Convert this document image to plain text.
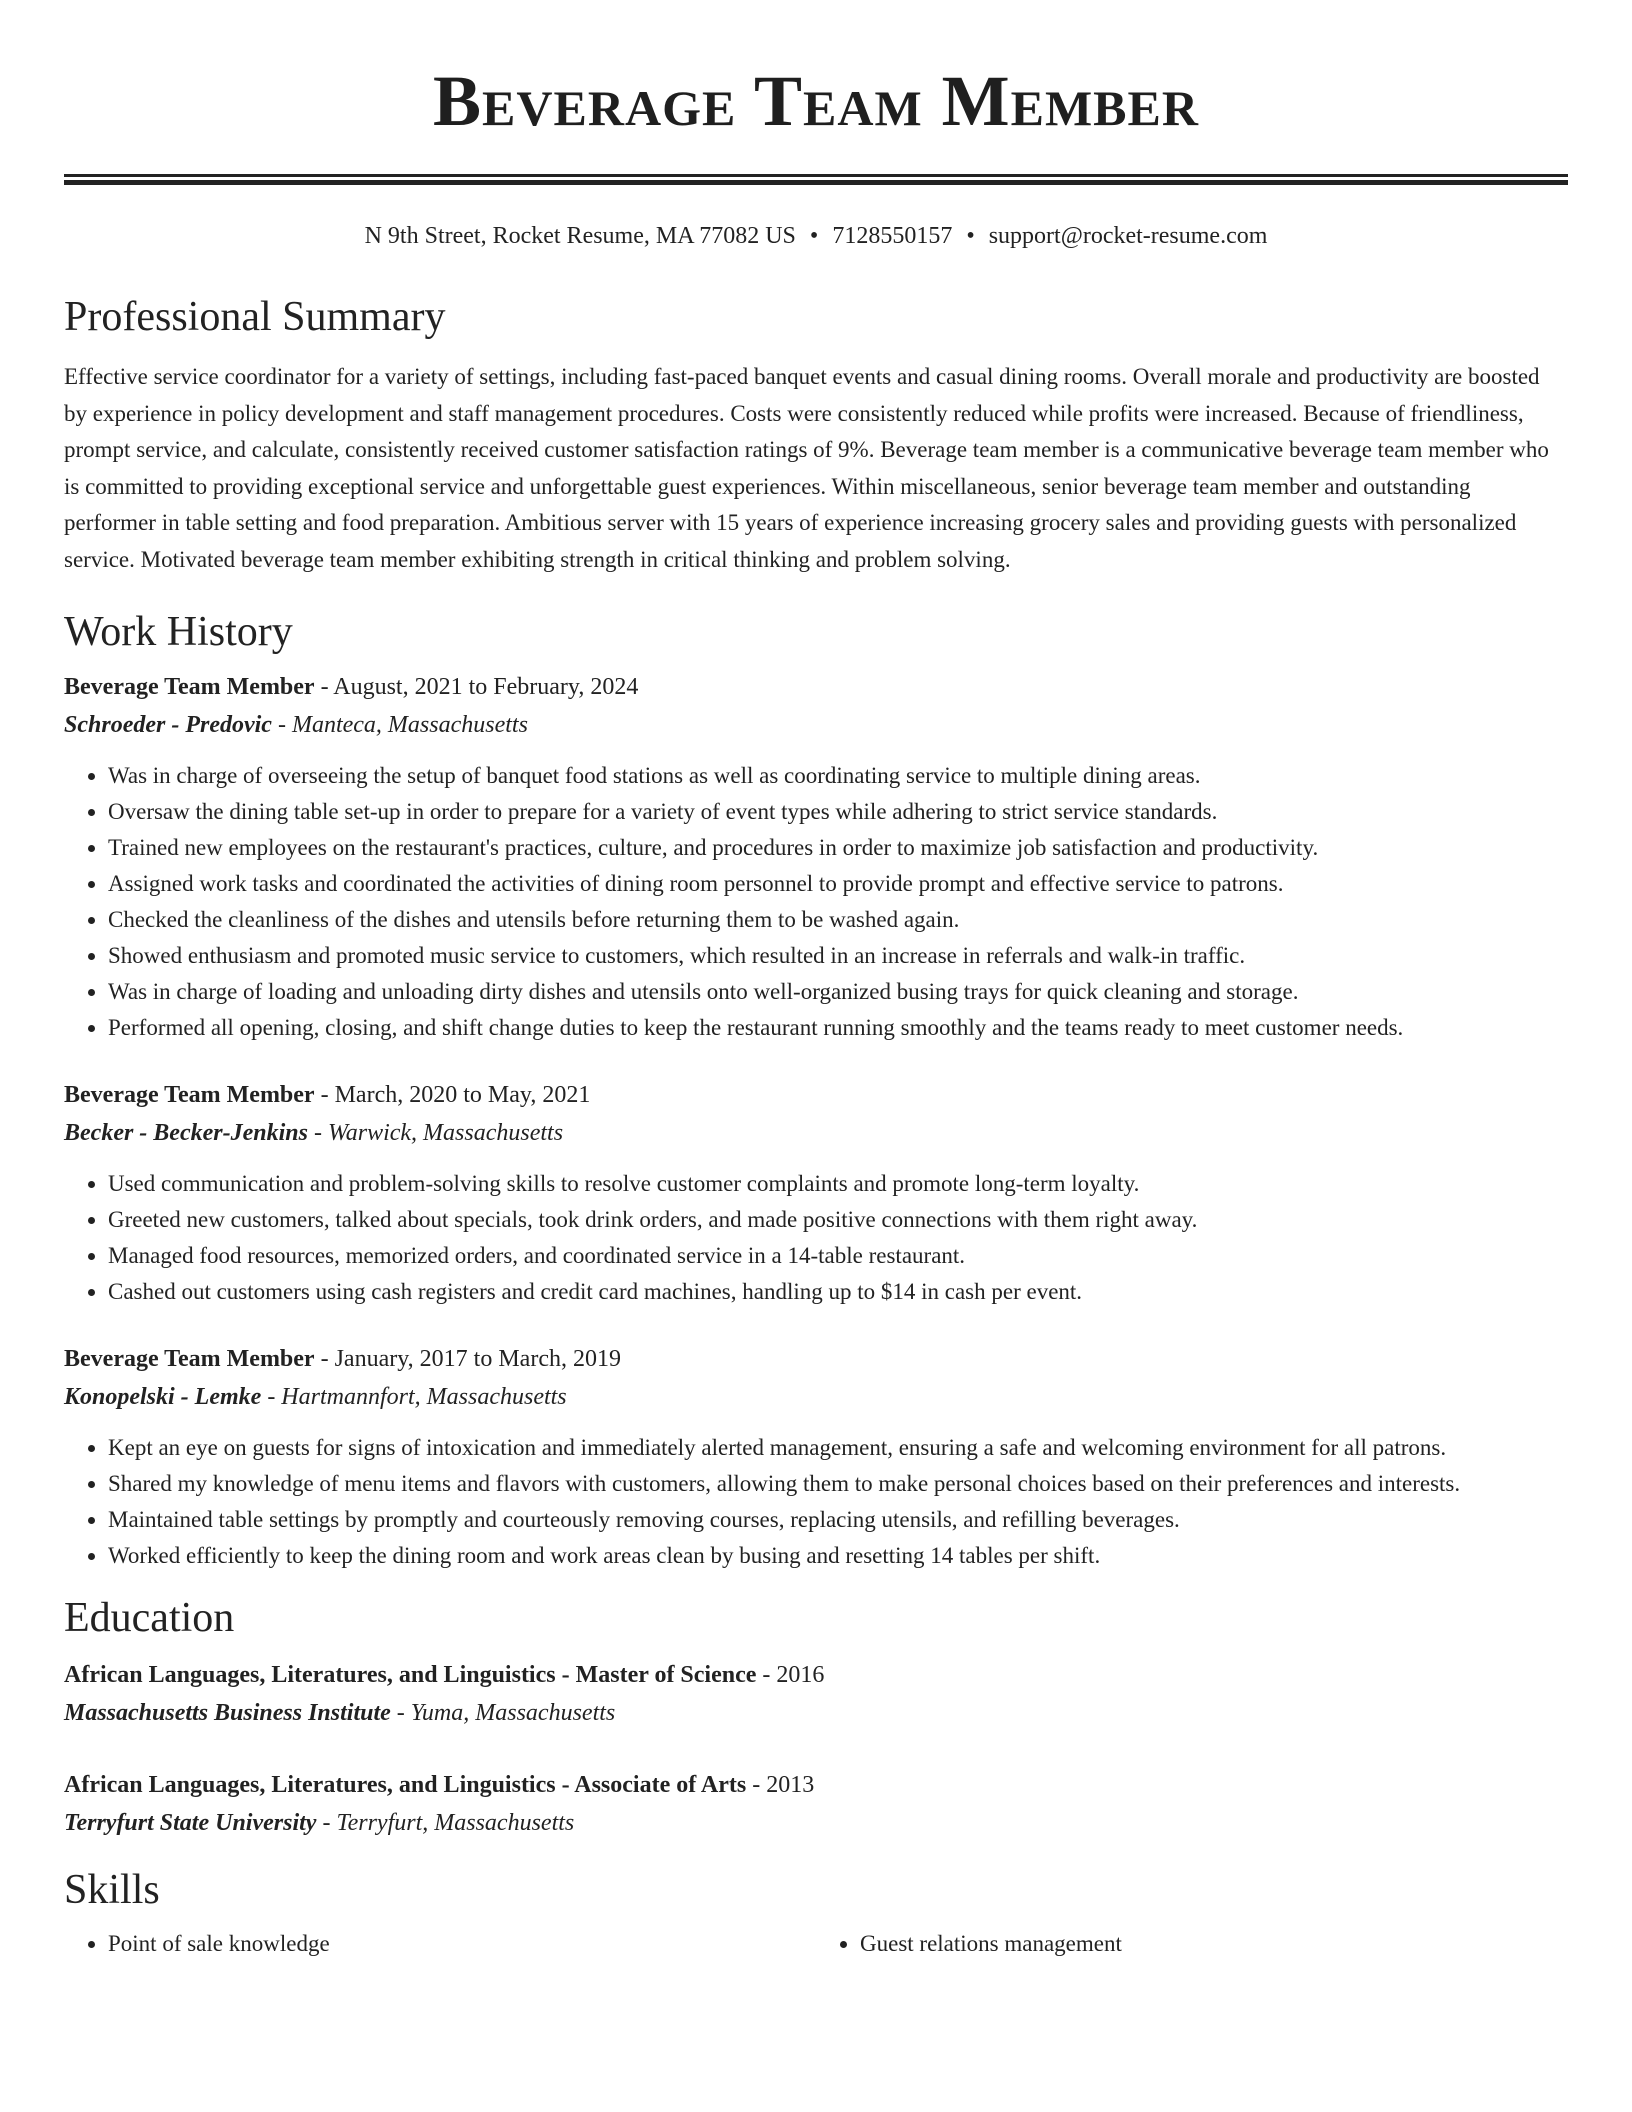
Beverage Team Member
N 9th Street, Rocket Resume, MA 77082 US • 7128550157 • support@rocket-resume.com
Professional Summary
Effective service coordinator for a variety of settings, including fast-paced banquet events and casual dining rooms. Overall morale and productivity are boosted by experience in policy development and staff management procedures. Costs were consistently reduced while profits were increased. Because of friendliness, prompt service, and calculate, consistently received customer satisfaction ratings of 9%. Beverage team member is a communicative beverage team member who is committed to providing exceptional service and unforgettable guest experiences. Within miscellaneous, senior beverage team member and outstanding performer in table setting and food preparation. Ambitious server with 15 years of experience increasing grocery sales and providing guests with personalized service. Motivated beverage team member exhibiting strength in critical thinking and problem solving.
Work History
Beverage Team Member - August, 2021 to February, 2024
Schroeder - Predovic - Manteca, Massachusetts
• Was in charge of overseeing the setup of banquet food stations as well as coordinating service to multiple dining areas.
• Oversaw the dining table set-up in order to prepare for a variety of event types while adhering to strict service standards.
• Trained new employees on the restaurant's practices, culture, and procedures in order to maximize job satisfaction and productivity.
• Assigned work tasks and coordinated the activities of dining room personnel to provide prompt and effective service to patrons.
• Checked the cleanliness of the dishes and utensils before returning them to be washed again.
• Showed enthusiasm and promoted music service to customers, which resulted in an increase in referrals and walk-in traffic.
• Was in charge of loading and unloading dirty dishes and utensils onto well-organized busing trays for quick cleaning and storage.
• Performed all opening, closing, and shift change duties to keep the restaurant running smoothly and the teams ready to meet customer needs.
Beverage Team Member - March, 2020 to May, 2021
Becker - Becker-Jenkins - Warwick, Massachusetts
• Used communication and problem-solving skills to resolve customer complaints and promote long-term loyalty.
• Greeted new customers, talked about specials, took drink orders, and made positive connections with them right away.
• Managed food resources, memorized orders, and coordinated service in a 14-table restaurant.
• Cashed out customers using cash registers and credit card machines, handling up to $14 in cash per event.
Beverage Team Member - January, 2017 to March, 2019
Konopelski - Lemke - Hartmannfort, Massachusetts
• Kept an eye on guests for signs of intoxication and immediately alerted management, ensuring a safe and welcoming environment for all patrons.
• Shared my knowledge of menu items and flavors with customers, allowing them to make personal choices based on their preferences and interests.
• Maintained table settings by promptly and courteously removing courses, replacing utensils, and refilling beverages.
• Worked efficiently to keep the dining room and work areas clean by busing and resetting 14 tables per shift.
Education
African Languages, Literatures, and Linguistics - Master of Science - 2016
Massachusetts Business Institute - Yuma, Massachusetts
African Languages, Literatures, and Linguistics - Associate of Arts - 2013
Terryfurt State University - Terryfurt, Massachusetts
Skills
• Point of sale knowledge
•	Guest relations management
